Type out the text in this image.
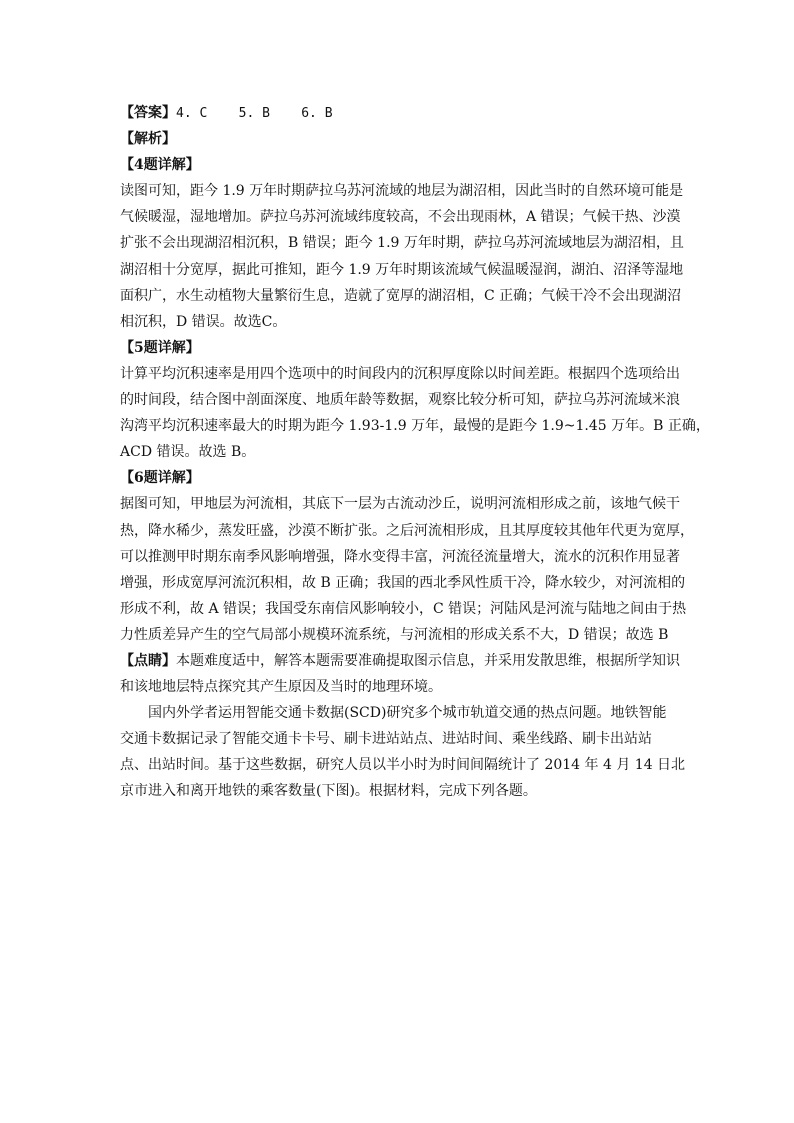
【答案】4. C    5. B    6. B
【解析】
【4题详解】
读图可知，距今 1.9 万年时期萨拉乌苏河流域的地层为湖沼相，因此当时的自然环境可能是
气候暖湿，湿地增加。萨拉乌苏河流域纬度较高，不会出现雨林，A 错误；气候干热、沙漠
扩张不会出现湖沼相沉积，B 错误；距今 1.9 万年时期，萨拉乌苏河流域地层为湖沼相，且
湖沼相十分宽厚，据此可推知，距今 1.9 万年时期该流域气候温暖湿润，湖泊、沼泽等湿地
面积广，水生动植物大量繁衍生息，造就了宽厚的湖沼相，C 正确；气候干冷不会出现湖沼
相沉积，D 错误。故选C。
【5题详解】
计算平均沉积速率是用四个选项中的时间段内的沉积厚度除以时间差距。根据四个选项给出
的时间段，结合图中剖面深度、地质年龄等数据，观察比较分析可知，萨拉乌苏河流域米浪
沟湾平均沉积速率最大的时期为距今 1.93-1.9 万年，最慢的是距今 1.9~1.45 万年。B 正确，
ACD 错误。故选 B。
【6题详解】
据图可知，甲地层为河流相，其底下一层为古流动沙丘，说明河流相形成之前，该地气候干
热，降水稀少，蒸发旺盛，沙漠不断扩张。之后河流相形成，且其厚度较其他年代更为宽厚，
可以推测甲时期东南季风影响增强，降水变得丰富，河流径流量增大，流水的沉积作用显著
增强，形成宽厚河流沉积相，故 B 正确；我国的西北季风性质干冷，降水较少，对河流相的
形成不利，故 A 错误；我国受东南信风影响较小，C 错误；河陆风是河流与陆地之间由于热
力性质差异产生的空气局部小规模环流系统，与河流相的形成关系不大，D 错误；故选 B
【点睛】本题难度适中，解答本题需要准确提取图示信息，并采用发散思维，根据所学知识
和该地地层特点探究其产生原因及当时的地理环境。
国内外学者运用智能交通卡数据(SCD)研究多个城市轨道交通的热点问题。地铁智能
交通卡数据记录了智能交通卡卡号、刷卡进站站点、进站时间、乘坐线路、刷卡出站站
点、出站时间。基于这些数据，研究人员以半小时为时间间隔统计了 2014 年 4 月 14 日北
京市进入和离开地铁的乘客数量(下图)。根据材料，完成下列各题。
